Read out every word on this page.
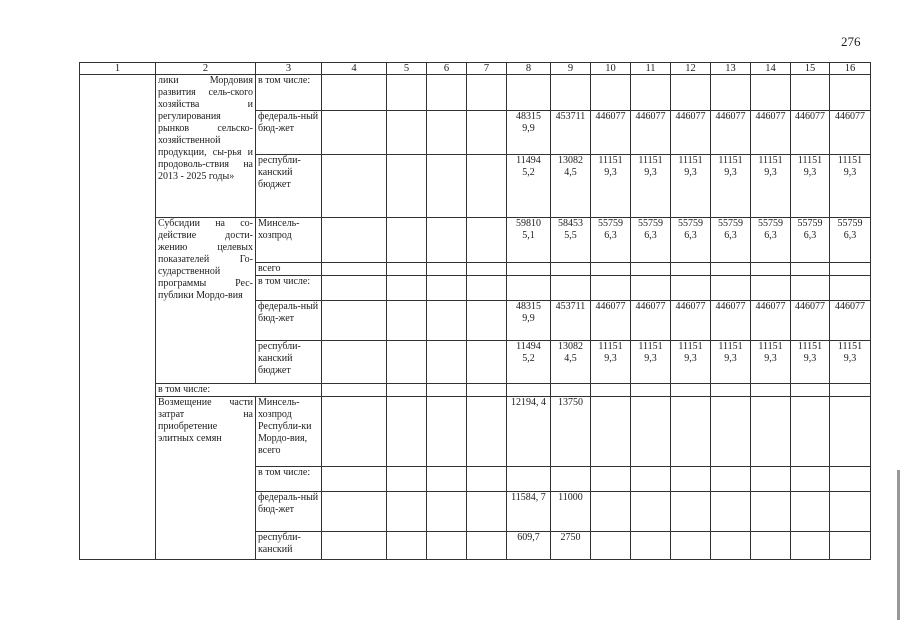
276
1	2	3	4	5	6	7	8	9	10	11	12	13	14	15	16
	лики Мордовия развития сель-ского хозяйства и регулирования рынков сельско-хозяйственной продукции, сы-рья и продоволь-ствия на 2013 - 2025 годы»	в том числе:													
		федераль-ный бюд-жет					48315 9,9	453711	446077	446077	446077	446077	446077	446077	446077
		республи-канский бюджет					11494 5,2	13082 4,5	11151 9,3	11151 9,3	11151 9,3	11151 9,3	11151 9,3	11151 9,3	11151 9,3
	Субсидии на со-действие дости-жению целевых показателей Го-сударственной программы Рес-публики Мордо-вия	Минсель-хозпрод					59810 5,1	58453 5,5	55759 6,3	55759 6,3	55759 6,3	55759 6,3	55759 6,3	55759 6,3	55759 6,3
		всего													
		в том числе:													
		федераль-ный бюд-жет					48315 9,9	453711	446077	446077	446077	446077	446077	446077	446077
		республи-канский бюджет					11494 5,2	13082 4,5	11151 9,3	11151 9,3	11151 9,3	11151 9,3	11151 9,3	11151 9,3	11151 9,3
	в том числе:														
	Возмещение части затрат на приобретение элитных семян	Минсель-хозпрод Республи-ки Мордо-вия, всего					12194, 4	13750							
		в том числе:													
		федераль-ный бюд-жет					11584, 7	11000							
		республи-канский					609,7	2750							
